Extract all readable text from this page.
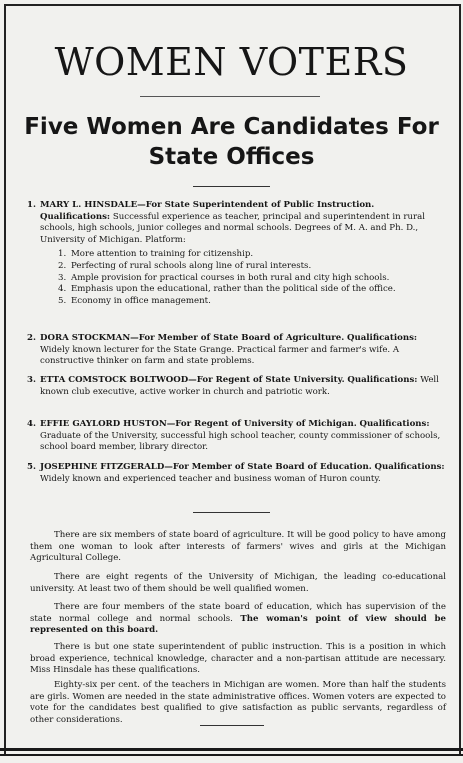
WOMEN VOTERS
Five Women Are Candidates For
State Offices
1. MARY L. HINSDALE—For State Superintendent of Public Instruction. Qualifications: Successful experience as teacher, principal and superintendent in rural schools, high schools, junior colleges and normal schools. Degrees of M. A. and Ph. D., University of Michigan. Platform:
1. More attention to training for citizenship.
2. Perfecting of rural schools along line of rural interests.
3. Ample provision for practical courses in both rural and city high schools.
4. Emphasis upon the educational, rather than the political side of the office.
5. Economy in office management.
2. DORA STOCKMAN—For Member of State Board of Agriculture. Qualifications: Widely known lecturer for the State Grange. Practical farmer and farmer's wife. A constructive thinker on farm and state problems.
3. ETTA COMSTOCK BOLTWOOD—For Regent of State University. Qualifications: Well known club executive, active worker in church and patriotic work.
4. EFFIE GAYLORD HUSTON—For Regent of University of Michigan. Qualifications: Graduate of the University, successful high school teacher, county commissioner of schools, school board member, library director.
5. JOSEPHINE FITZGERALD—For Member of State Board of Education. Qualifications: Widely known and experienced teacher and business woman of Huron county.
There are six members of state board of agriculture. It will be good policy to have among them one woman to look after interests of farmers' wives and girls at the Michigan Agricultural College.
There are eight regents of the University of Michigan, the leading co-educational university. At least two of them should be well qualified women.
There are four members of the state board of education, which has supervision of the state normal college and normal schools. The woman's point of view should be represented on this board.
There is but one state superintendent of public instruction. This is a position in which broad experience, technical knowledge, character and a non-partisan attitude are necessary. Miss Hinsdale has these qualifications.
Eighty-six per cent. of the teachers in Michigan are women. More than half the students are girls. Women are needed in the state administrative offices. Women voters are expected to vote for the candidates best qualified to give satisfaction as public servants, regardless of other considerations.
